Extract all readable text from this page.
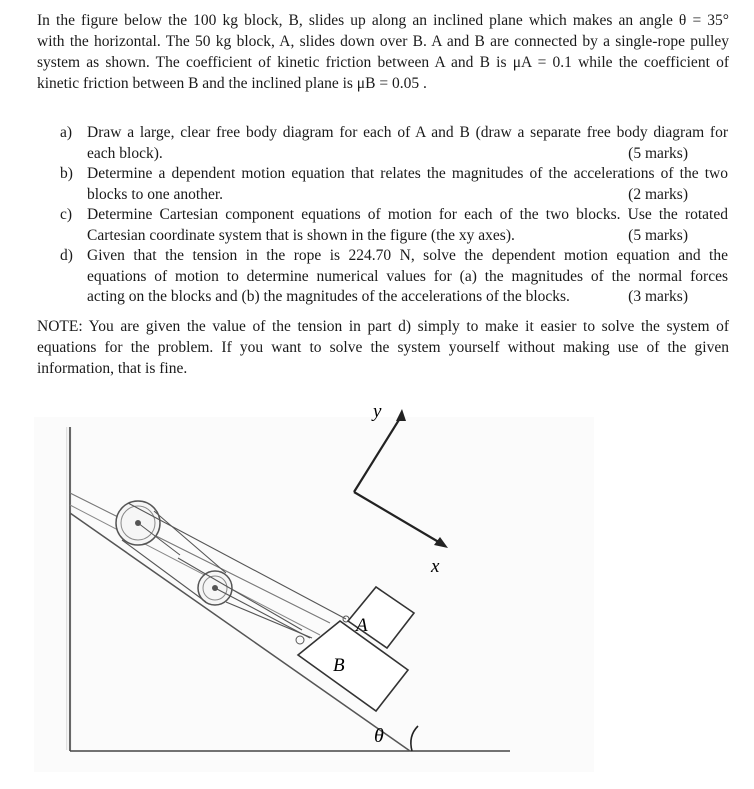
In the figure below the 100 kg block, B, slides up along an inclined plane which makes an angle θ = 35°
with the horizontal. The 50 kg block, A, slides down over B. A and B are connected by a single-rope pulley
system as shown. The coefficient of kinetic friction between A and B is μA = 0.1 while the coefficient of
kinetic friction between B and the inclined plane is μB = 0.05 .
a) Draw a large, clear free body diagram for each of A and B (draw a separate free body diagram for
each block).	(5 marks)
b) Determine a dependent motion equation that relates the magnitudes of the accelerations of the two
blocks to one another.	(2 marks)
c) Determine Cartesian component equations of motion for each of the two blocks. Use the rotated
Cartesian coordinate system that is shown in the figure (the xy axes).	(5 marks)
d) Given that the tension in the rope is 224.70 N, solve the dependent motion equation and the
equations of motion to determine numerical values for (a) the magnitudes of the normal forces
acting on the blocks and (b) the magnitudes of the accelerations of the blocks.	(3 marks)
NOTE: You are given the value of the tension in part d) simply to make it easier to solve the system of
equations for the problem. If you want to solve the system yourself without making use of the given
information, that is fine.
B
A
y
x
θ
